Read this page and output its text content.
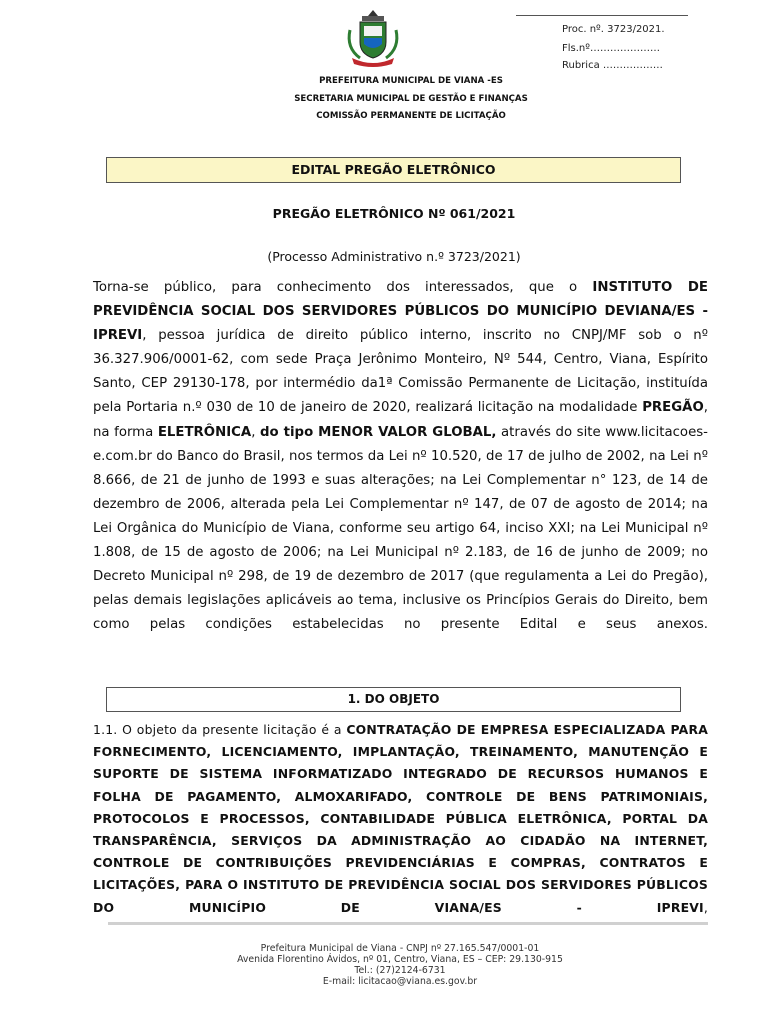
Proc. nº. 3723/2021.
Fls.nº…………………
Rubrica ………………
PREFEITURA MUNICIPAL DE VIANA -ES
SECRETARIA MUNICIPAL DE GESTÃO E FINANÇAS
COMISSÃO PERMANENTE DE LICITAÇÃO
EDITAL PREGÃO ELETRÔNICO
PREGÃO ELETRÔNICO Nº 061/2021
(Processo Administrativo n.º 3723/2021)
Torna-se público, para conhecimento dos interessados, que o INSTITUTO DE PREVIDÊNCIA SOCIAL DOS SERVIDORES PÚBLICOS DO MUNICÍPIO DEVIANA/ES - IPREVI, pessoa jurídica de direito público interno, inscrito no CNPJ/MF sob o nº 36.327.906/0001-62, com sede Praça Jerônimo Monteiro, Nº 544, Centro, Viana, Espírito Santo, CEP 29130-178, por intermédio da1ª Comissão Permanente de Licitação, instituída pela Portaria n.º 030 de 10 de janeiro de 2020, realizará licitação na modalidade PREGÃO, na forma ELETRÔNICA, do tipo MENOR VALOR GLOBAL, através do site www.licitacoes-e.com.br do Banco do Brasil, nos termos da Lei nº 10.520, de 17 de julho de 2002, na Lei nº 8.666, de 21 de junho de 1993 e suas alterações; na Lei Complementar n° 123, de 14 de dezembro de 2006, alterada pela Lei Complementar nº 147, de 07 de agosto de 2014; na Lei Orgânica do Município de Viana, conforme seu artigo 64, inciso XXI; na Lei Municipal nº 1.808, de 15 de agosto de 2006; na Lei Municipal nº 2.183, de 16 de junho de 2009; no Decreto Municipal nº 298, de 19 de dezembro de 2017 (que regulamenta a Lei do Pregão), pelas demais legislações aplicáveis ao tema, inclusive os Princípios Gerais do Direito, bem como pelas condições estabelecidas no presente Edital e seus anexos.
1. DO OBJETO
1.1. O objeto da presente licitação é a CONTRATAÇÃO DE EMPRESA ESPECIALIZADA PARA FORNECIMENTO, LICENCIAMENTO, IMPLANTAÇÃO, TREINAMENTO, MANUTENÇÃO E SUPORTE DE SISTEMA INFORMATIZADO INTEGRADO DE RECURSOS HUMANOS E FOLHA DE PAGAMENTO, ALMOXARIFADO, CONTROLE DE BENS PATRIMONIAIS, PROTOCOLOS E PROCESSOS, CONTABILIDADE PÚBLICA ELETRÔNICA, PORTAL DA TRANSPARÊNCIA, SERVIÇOS DA ADMINISTRAÇÃO AO CIDADÃO NA INTERNET, CONTROLE DE CONTRIBUIÇÕES PREVIDENCIÁRIAS E COMPRAS, CONTRATOS E LICITAÇÕES, PARA O INSTITUTO DE PREVIDÊNCIA SOCIAL DOS SERVIDORES PÚBLICOS DO MUNICÍPIO DE VIANA/ES - IPREVI,
Prefeitura Municipal de Viana - CNPJ nº 27.165.547/0001-01
Avenida Florentino Ávidos, nº 01, Centro, Viana, ES – CEP: 29.130-915
Tel.: (27)2124-6731
E-mail: licitacao@viana.es.gov.br
